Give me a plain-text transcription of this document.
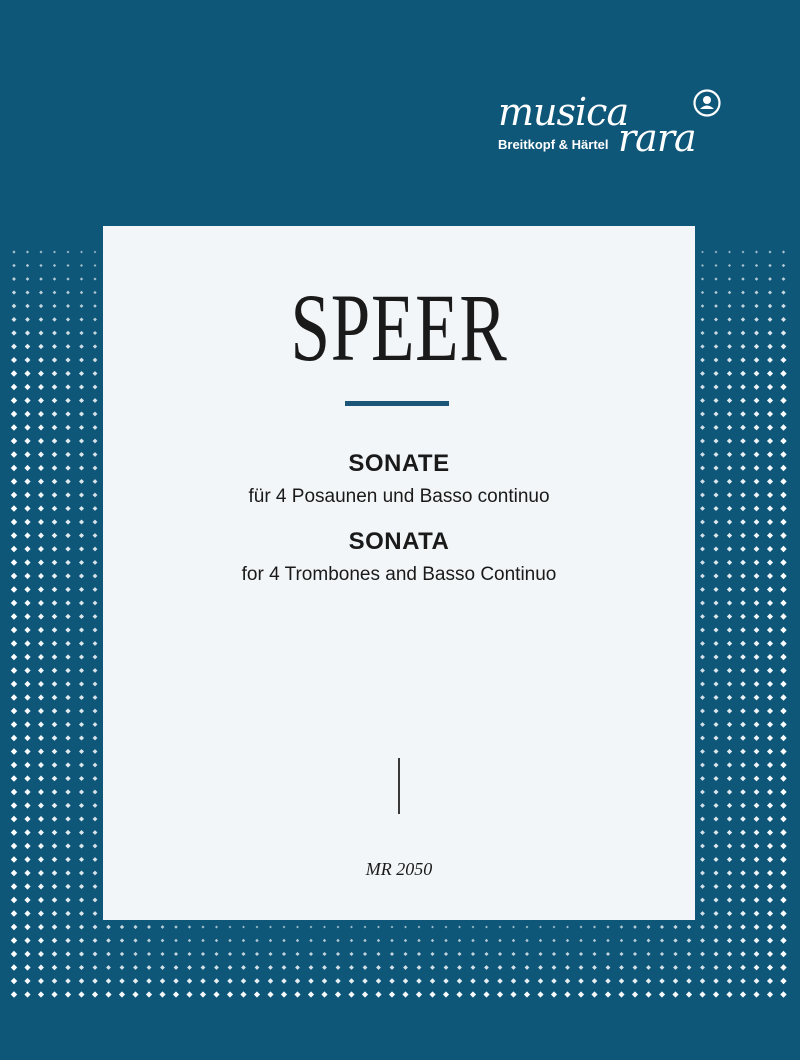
musica
rara
Breitkopf & Härtel
SPEER
SONATE
für 4 Posaunen und Basso continuo
SONATA
for 4 Trombones and Basso Continuo
MR 2050
